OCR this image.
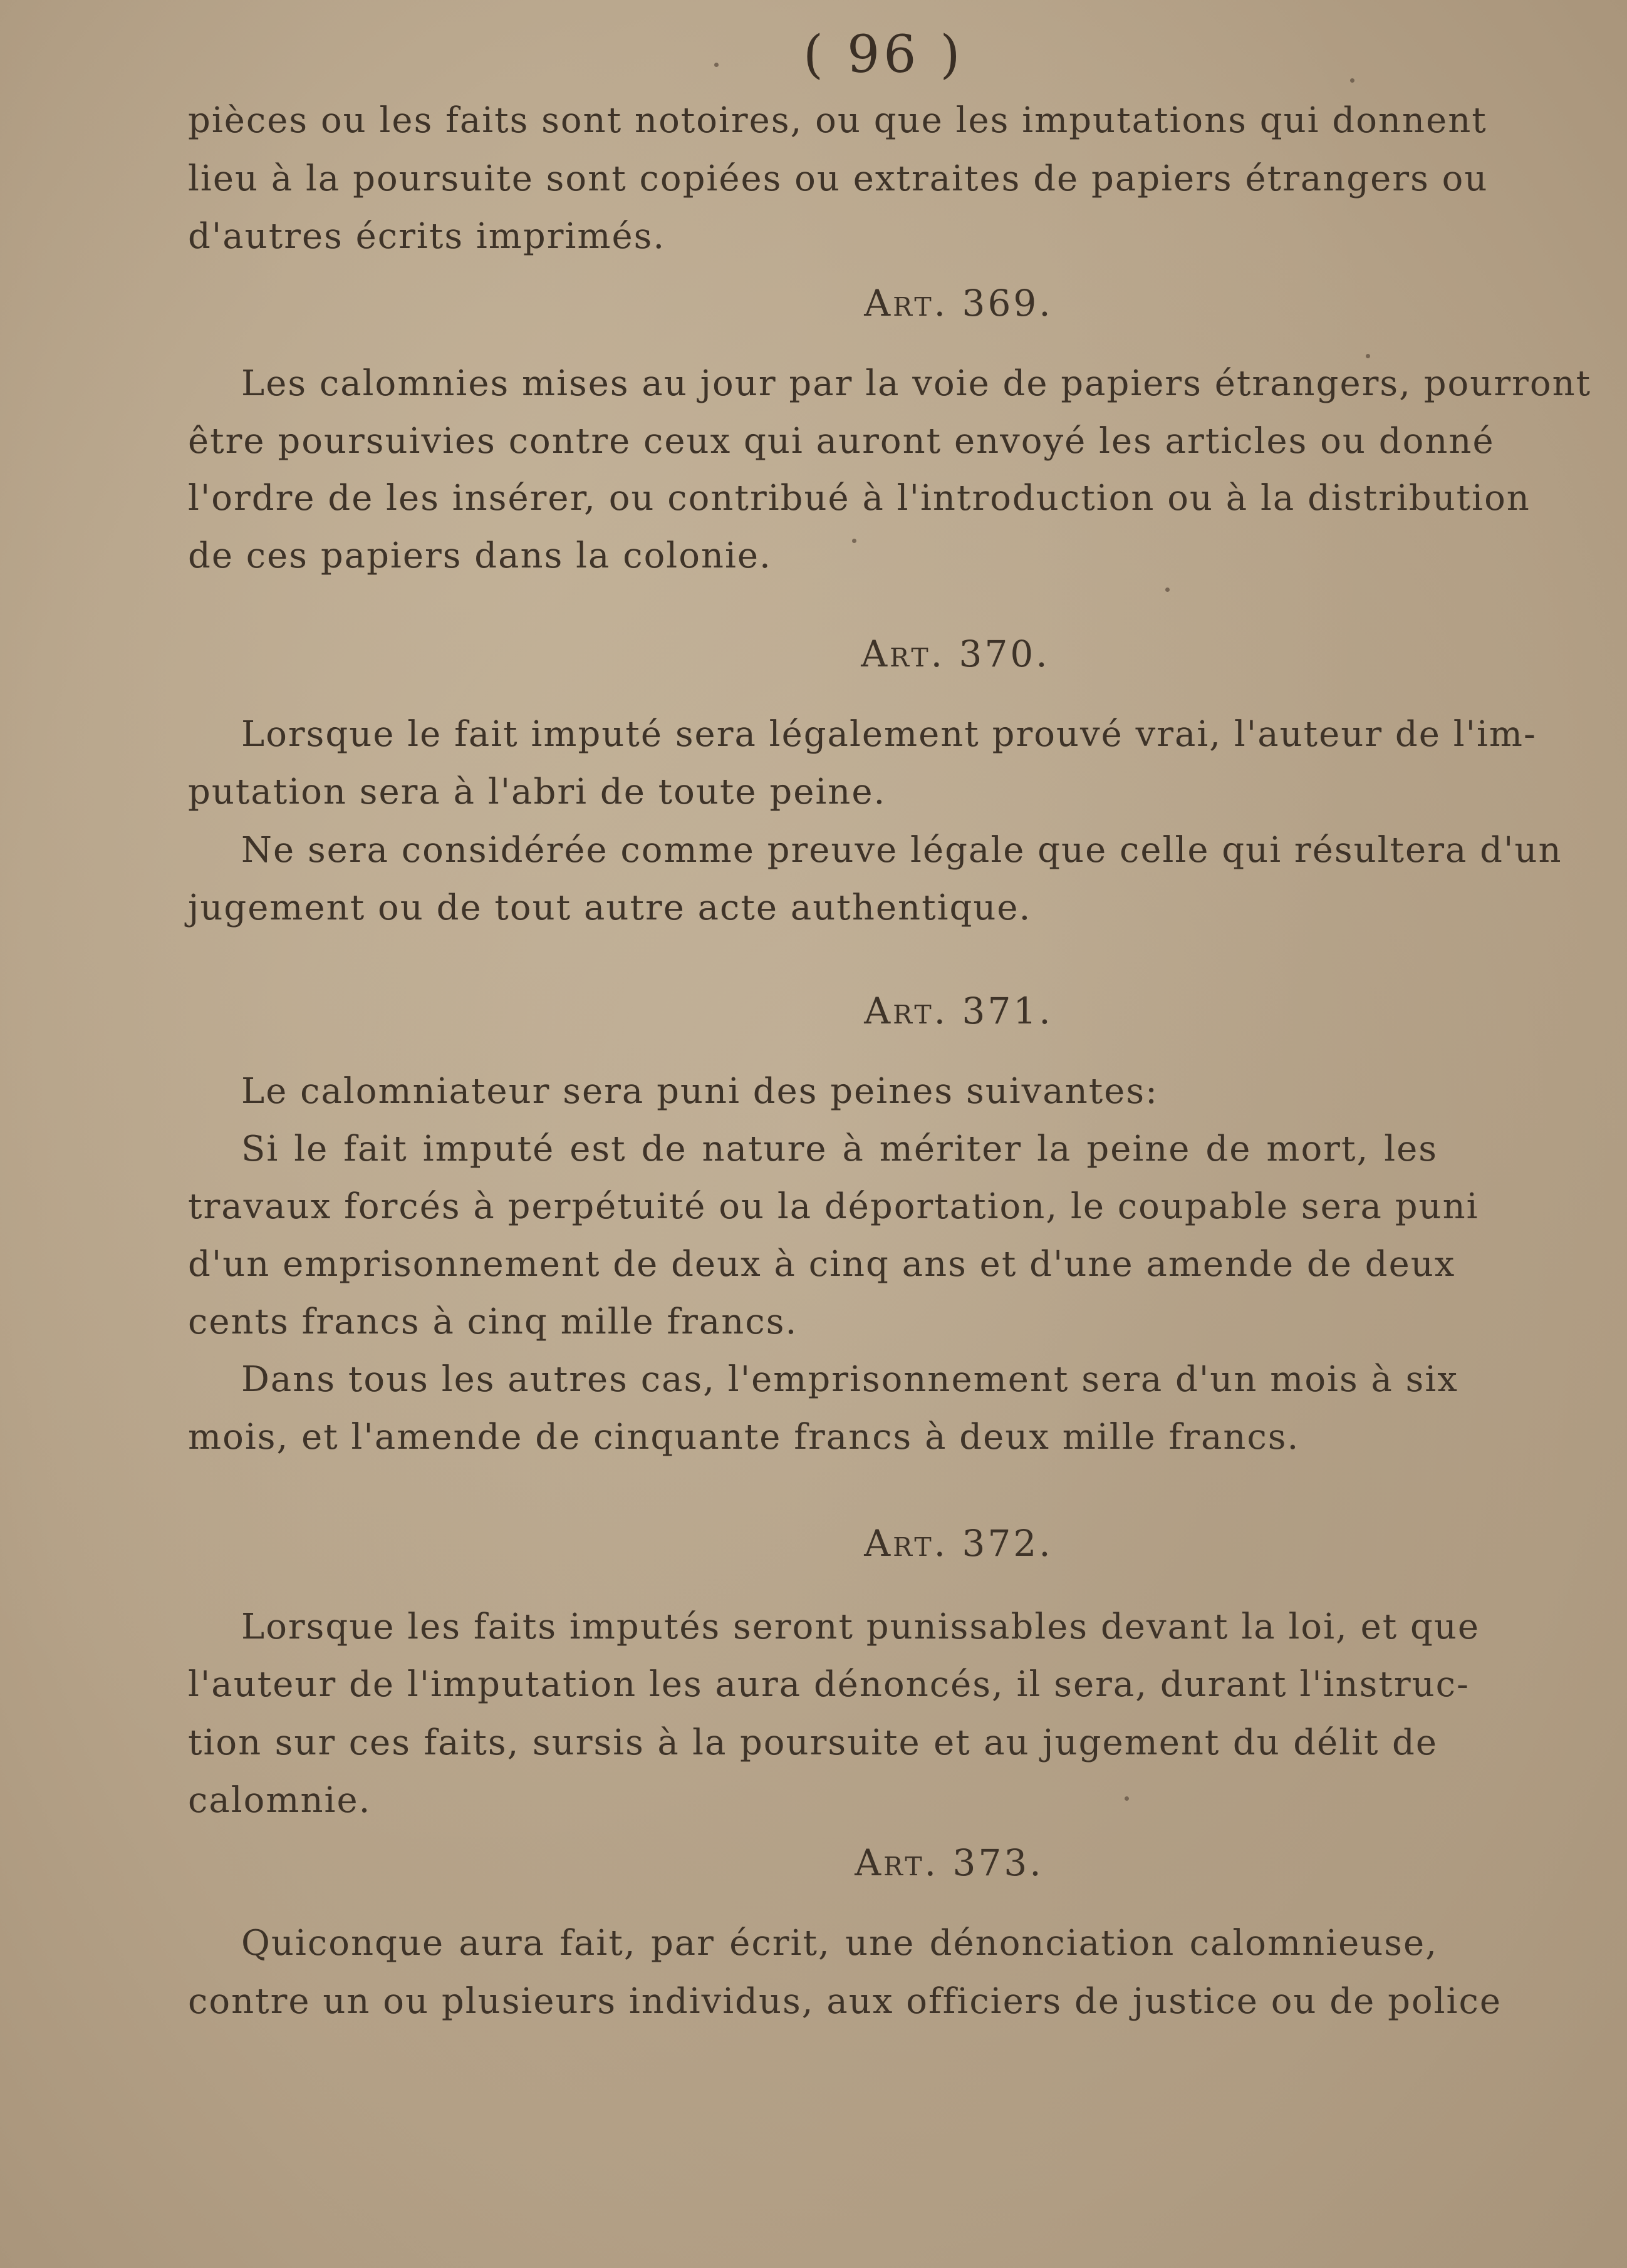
( 96 )
pièces ou les faits sont notoires, ou que les imputations qui donnent
lieu à la poursuite sont copiées ou extraites de papiers étrangers ou
d'autres écrits imprimés.
Art. 369.
Les calomnies mises au jour par la voie de papiers étrangers, pourront
être poursuivies contre ceux qui auront envoyé les articles ou donné
l'ordre de les insérer, ou contribué à l'introduction ou à la distribution
de ces papiers dans la colonie.
Art. 370.
Lorsque le fait imputé sera légalement prouvé vrai, l'auteur de l'im-
putation sera à l'abri de toute peine.
Ne sera considérée comme preuve légale que celle qui résultera d'un
jugement ou de tout autre acte authentique.
Art. 371.
Le calomniateur sera puni des peines suivantes:
Si le fait imputé est de nature à mériter la peine de mort, les
travaux forcés à perpétuité ou la déportation, le coupable sera puni
d'un emprisonnement de deux à cinq ans et d'une amende de deux
cents francs à cinq mille francs.
Dans tous les autres cas, l'emprisonnement sera d'un mois à six
mois, et l'amende de cinquante francs à deux mille francs.
Art. 372.
Lorsque les faits imputés seront punissables devant la loi, et que
l'auteur de l'imputation les aura dénoncés, il sera, durant l'instruc-
tion sur ces faits, sursis à la poursuite et au jugement du délit de
calomnie.
Art. 373.
Quiconque aura fait, par écrit, une dénonciation calomnieuse,
contre un ou plusieurs individus, aux officiers de justice ou de police
